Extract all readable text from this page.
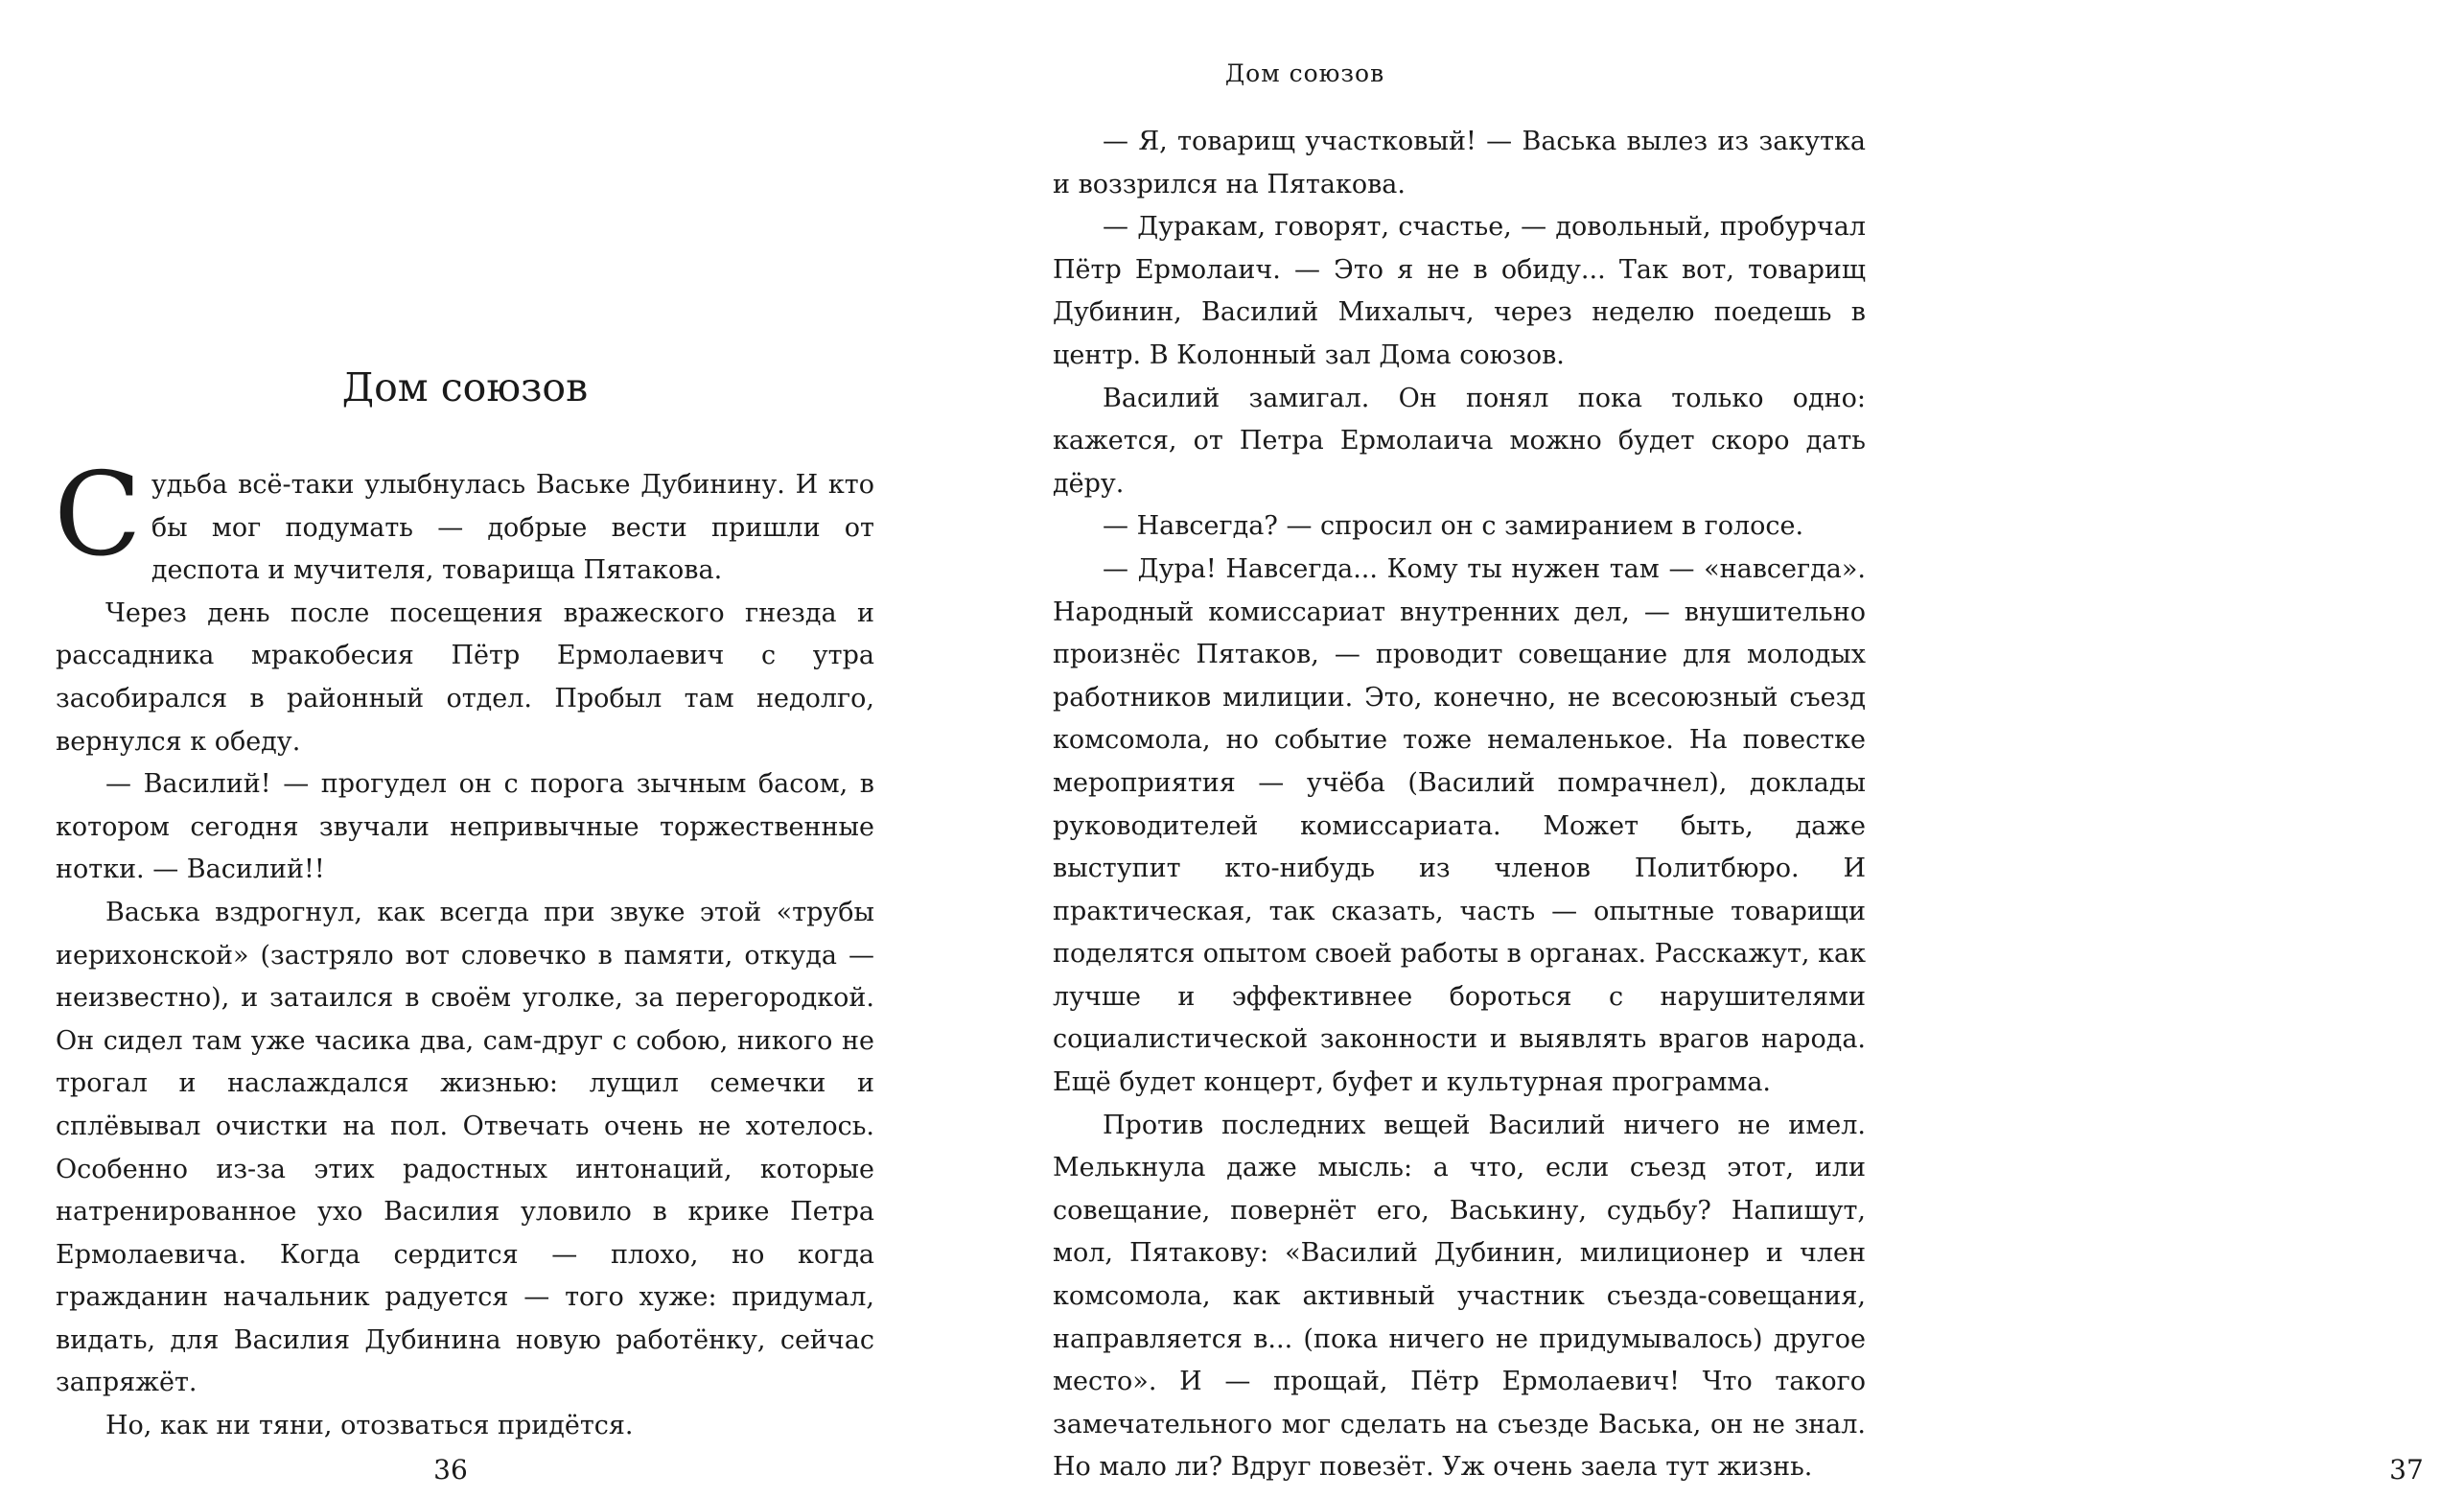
Дом союзов

Судьба всё-таки улыбнулась Ваське Дубинину. И кто бы мог подумать — добрые вести пришли от деспота и мучителя, товарища Пятакова.

Через день после посещения вражеского гнезда и рассадника мракобесия Пётр Ермолаевич с утра засобирался в районный отдел. Пробыл там недолго, вернулся к обеду.

— Василий! — прогудел он с порога зычным басом, в котором сегодня звучали непривычные торжественные нотки. — Василий!!

Васька вздрогнул, как всегда при звуке этой «трубы иерихонской» (застряло вот словечко в памяти, откуда — неизвестно), и затаился в своём уголке, за перегородкой. Он сидел там уже часика два, сам-друг с собою, никого не трогал и наслаждался жизнью: лущил семечки и сплёвывал очистки на пол. Отвечать очень не хотелось. Особенно из-за этих радостных интонаций, которые натренированное ухо Василия уловило в крике Петра Ермолаевича. Когда сердится — плохо, но когда гражданин начальник радуется — того хуже: придумал, видать, для Василия Дубинина новую работёнку, сейчас запряжёт.

Но, как ни тяни, отозваться придётся.

36	37
Дом союзов

— Я, товарищ участковый! — Васька вылез из закутка и воззрился на Пятакова.

— Дуракам, говорят, счастье, — довольный, пробурчал Пётр Ермолаич. — Это я не в обиду... Так вот, товарищ Дубинин, Василий Михалыч, через неделю поедешь в центр. В Колонный зал Дома союзов.

Василий замигал. Он понял пока только одно: кажется, от Петра Ермолаича можно будет скоро дать дёру.

— Навсегда? — спросил он с замиранием в голосе.

— Дура! Навсегда... Кому ты нужен там — «навсегда». Народный комиссариат внутренних дел, — внушительно произнёс Пятаков, — проводит совещание для молодых работников милиции. Это, конечно, не всесоюзный съезд комсомола, но событие тоже немаленькое. На повестке мероприятия — учёба (Василий помрачнел), доклады руководителей комиссариата. Может быть, даже выступит кто-нибудь из членов Политбюро. И практическая, так сказать, часть — опытные товарищи поделятся опытом своей работы в органах. Расскажут, как лучше и эффективнее бороться с нарушителями социалистической законности и выявлять врагов народа. Ещё будет концерт, буфет и культурная программа.

Против последних вещей Василий ничего не имел. Мелькнула даже мысль: а что, если съезд этот, или совещание, повернёт его, Васькину, судьбу? Напишут, мол, Пятакову: «Василий Дубинин, милиционер и член комсомола, как активный участник съезда-совещания, направляется в... (пока ничего не придумывалось) другое место». И — прощай, Пётр Ермолаевич! Что такого замечательного мог сделать на съезде Васька, он не знал. Но мало ли? Вдруг повезёт. Уж очень заела тут жизнь.
